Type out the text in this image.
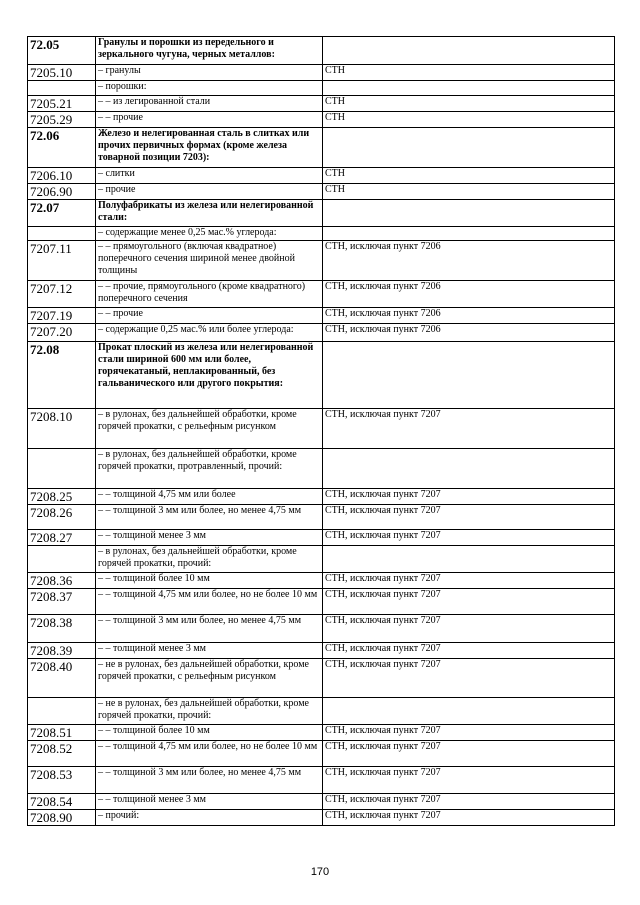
72.05	Гранулы и порошки из передельного и зеркального чугуна, черных металлов:	
7205.10	– гранулы	СТН
	– порошки:	
7205.21	– – из легированной стали	СТН
7205.29	– – прочие	СТН
72.06	Железо и нелегированная сталь в слитках или прочих первичных формах (кроме железа товарной позиции 7203):	
7206.10	– слитки	СТН
7206.90	– прочие	СТН
72.07	Полуфабрикаты из железа или нелегированной стали:	
	– содержащие менее 0,25 мас.% углерода:	
7207.11	– – прямоугольного (включая квадратное) поперечного сечения шириной менее двойной толщины	СТН, исключая пункт 7206
7207.12	– – прочие, прямоугольного (кроме квадратного) поперечного сечения	СТН, исключая пункт 7206
7207.19	– – прочие	СТН, исключая пункт 7206
7207.20	– содержащие 0,25 мас.% или более углерода:	СТН, исключая пункт 7206
72.08	Прокат плоский из железа или нелегированной стали шириной 600 мм или более, горячекатаный, неплакированный, без гальванического или другого покрытия:	
7208.10	– в рулонах, без дальнейшей обработки, кроме горячей прокатки, с рельефным рисунком	СТН, исключая пункт 7207
	– в рулонах, без дальнейшей обработки, кроме горячей прокатки, протравленный, прочий:	
7208.25	– – толщиной 4,75 мм или более	СТН, исключая пункт 7207
7208.26	– – толщиной 3 мм или более, но менее 4,75 мм	СТН, исключая пункт 7207
7208.27	– – толщиной менее 3 мм	СТН, исключая пункт 7207
	– в рулонах, без дальнейшей обработки, кроме горячей прокатки, прочий:	
7208.36	– – толщиной более 10 мм	СТН, исключая пункт 7207
7208.37	– – толщиной 4,75 мм или более, но не более 10 мм	СТН, исключая пункт 7207
7208.38	– – толщиной 3 мм или более, но менее 4,75 мм	СТН, исключая пункт 7207
7208.39	– – толщиной менее 3 мм	СТН, исключая пункт 7207
7208.40	– не в рулонах, без дальнейшей обработки, кроме горячей прокатки, с рельефным рисунком	СТН, исключая пункт 7207
	– не в рулонах, без дальнейшей обработки, кроме горячей прокатки, прочий:	
7208.51	– – толщиной более 10 мм	СТН, исключая пункт 7207
7208.52	– – толщиной 4,75 мм или более, но не более 10 мм	СТН, исключая пункт 7207
7208.53	– – толщиной 3 мм или более, но менее 4,75 мм	СТН, исключая пункт 7207
7208.54	– – толщиной менее 3 мм	СТН, исключая пункт 7207
7208.90	– прочий:	СТН, исключая пункт 7207
170
